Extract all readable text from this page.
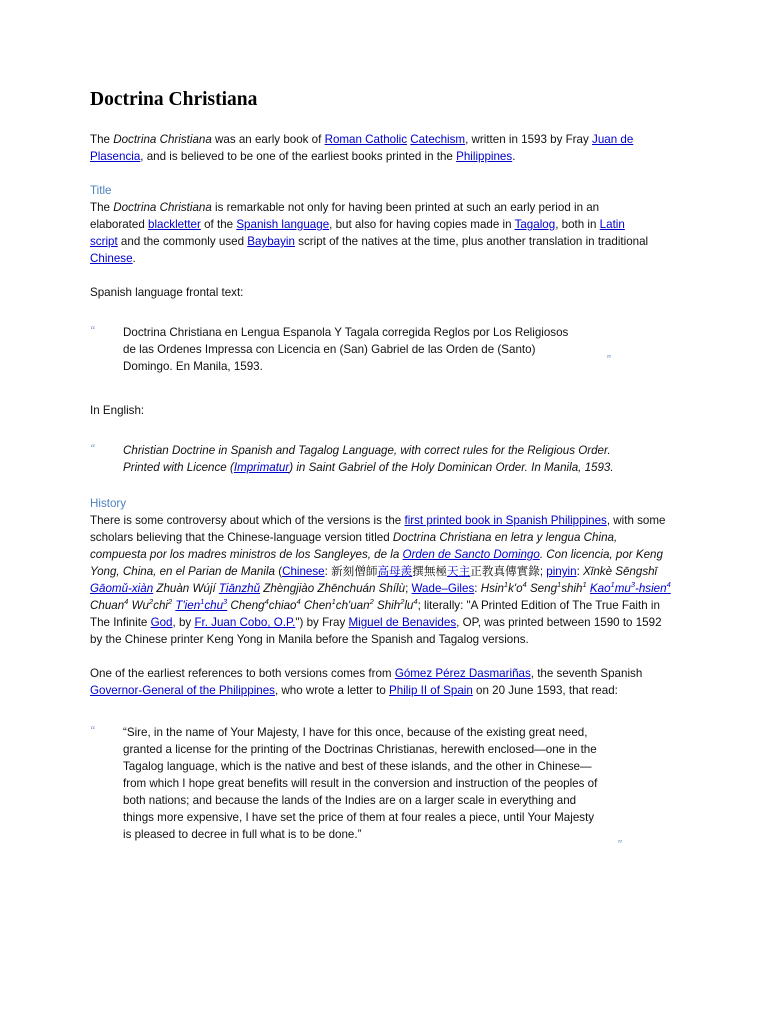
Doctrina Christiana

The Doctrina Christiana was an early book of Roman Catholic Catechism, written in 1593 by Fray Juan de Plasencia, and is believed to be one of the earliest books printed in the Philippines.

Title

The Doctrina Christiana is remarkable not only for having been printed at such an early period in an elaborated blackletter of the Spanish language, but also for having copies made in Tagalog, both in Latin script and the commonly used Baybayin script of the natives at the time, plus another translation in traditional Chinese.

Spanish language frontal text:

“ Doctrina Christiana en Lengua Espanola Y Tagala corregida Reglos por Los Religiosos de las Ordenes Impressa con Licencia en (San) Gabriel de las Orden de (Santo) Domingo. En Manila, 1593.	”

In English:

“ Christian Doctrine in Spanish and Tagalog Language, with correct rules for the Religious Order. Printed with Licence (Imprimatur) in Saint Gabriel of the Holy Dominican Order. In Manila, 1593.
History

There is some controversy about which of the versions is the first printed book in Spanish Philippines, with some scholars believing that the Chinese-language version titled Doctrina Christiana en letra y lengua China, compuesta por los madres ministros de los Sangleyes, de la Orden de Sancto Domingo. Con licencia, por Keng Yong, China, en el Parian de Manila (Chinese: 新刻僧師高母羨撰無極天主正教真傳實錄; pinyin: Xīnkè Sēngshī Gāomǔ-xiàn Zhuàn Wújí Tiānzhǔ Zhèngjiào Zhēnchuán Shílù; Wade–Giles: $Hsin^1k'o^4$ Seng$^1$shih$^1$ $Kao^1mu^3-hsien^4$ Chuan$^4$ Wu$^2$chi$^2$ T'ien$^1$chu$^3$ Cheng$^4$chiao$^4$ Chen$^1$ch'uan$^2$ $Shih^2lu^4$; literally: "A Printed Edition of The True Faith in The Infinite God, by Fr. Juan Cobo, O.P.") by Fray Miguel de Benavides, OP, was printed between 1590 to 1592 by the Chinese printer Keng Yong in Manila before the Spanish and Tagalog versions.

One of the earliest references to both versions comes from Gómez Pérez Dasmariñas, the seventh Spanish Governor-General of the Philippines, who wrote a letter to Philip II of Spain on 20 June 1593, that read:

“ “Sire, in the name of Your Majesty, I have for this once, because of the existing great need, granted a license for the printing of the Doctrinas Christianas, herewith enclosed—one in the Tagalog language, which is the native and best of these islands, and the other in Chinese—from which I hope great benefits will result in the conversion and instruction of the peoples of both nations; and because the lands of the Indies are on a larger scale in everything and things more expensive, I have set the price of them at four reales a piece, until Your Majesty is pleased to decree in full what is to be done.”
”
